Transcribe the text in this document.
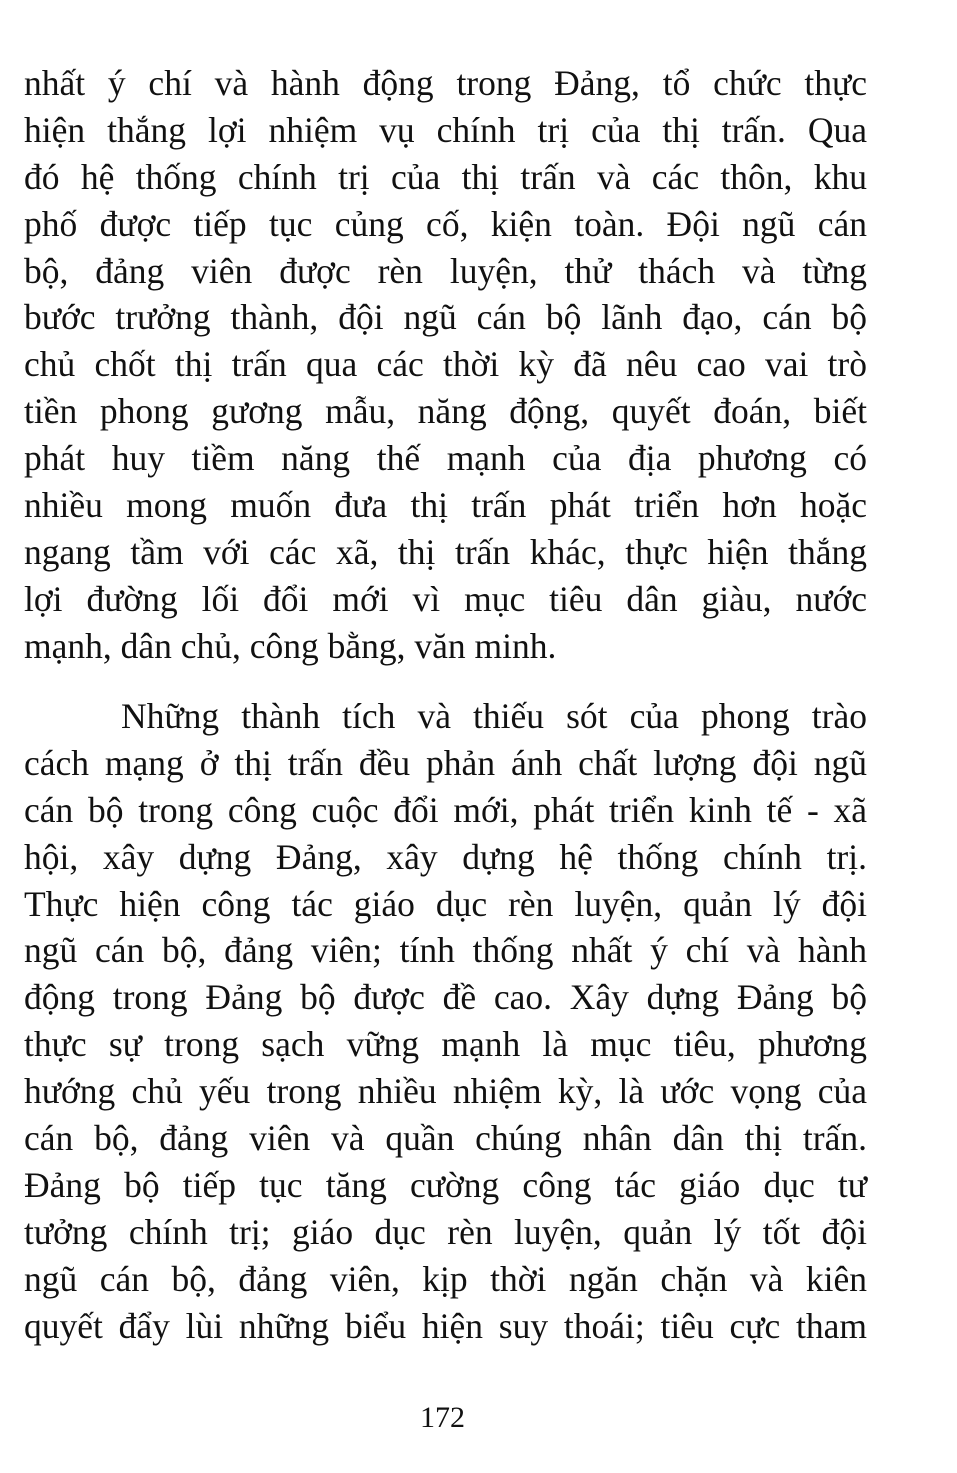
nhất ý chí và hành động trong Đảng, tổ chức thực
hiện thắng lợi nhiệm vụ chính trị của thị trấn. Qua
đó hệ thống chính trị của thị trấn và các thôn, khu
phố được tiếp tục củng cố, kiện toàn. Đội ngũ cán
bộ, đảng viên được rèn luyện, thử thách và từng
bước trưởng thành, đội ngũ cán bộ lãnh đạo, cán bộ
chủ chốt thị trấn qua các thời kỳ đã nêu cao vai trò
tiền phong gương mẫu, năng động, quyết đoán, biết
phát huy tiềm năng thế mạnh của địa phương có
nhiều mong muốn đưa thị trấn phát triển hơn hoặc
ngang tầm với các xã, thị trấn khác, thực hiện thắng
lợi đường lối đổi mới vì mục tiêu dân giàu, nước
mạnh, dân chủ, công bằng, văn minh.
Những thành tích và thiếu sót của phong trào
cách mạng ở thị trấn đều phản ánh chất lượng đội ngũ
cán bộ trong công cuộc đổi mới, phát triển kinh tế - xã
hội, xây dựng Đảng, xây dựng hệ thống chính trị.
Thực hiện công tác giáo dục rèn luyện, quản lý đội
ngũ cán bộ, đảng viên; tính thống nhất ý chí và hành
động trong Đảng bộ được đề cao. Xây dựng Đảng bộ
thực sự trong sạch vững mạnh là mục tiêu, phương
hướng chủ yếu trong nhiều nhiệm kỳ, là ước vọng của
cán bộ, đảng viên và quần chúng nhân dân thị trấn.
Đảng bộ tiếp tục tăng cường công tác giáo dục tư
tưởng chính trị; giáo dục rèn luyện, quản lý tốt đội
ngũ cán bộ, đảng viên, kịp thời ngăn chặn và kiên
quyết đẩy lùi những biểu hiện suy thoái; tiêu cực tham
172
